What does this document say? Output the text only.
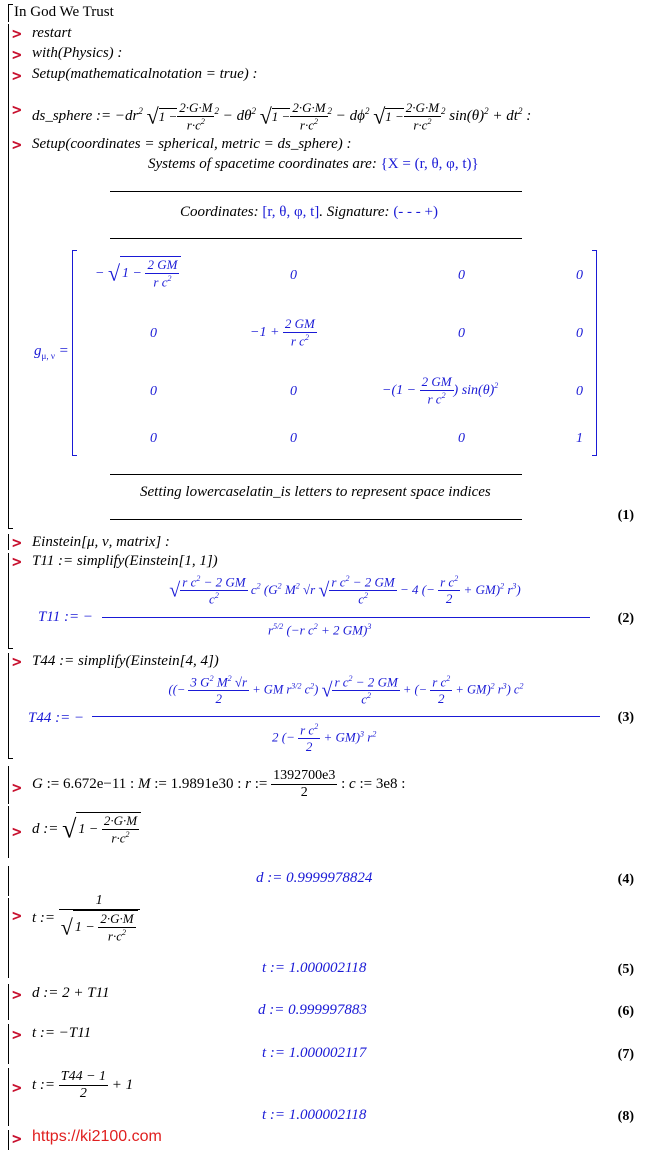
In God We Trust
> restart
> with(Physics) :
> Setup(mathematicalnotation = true) :
> ds_sphere := $-dr^2$ $√1 - \frac{2\cdot G\cdot M}{r\cdot c^2} ^2 - d\theta^2$ $√1 - \frac{2\cdot G\cdot M}{r\cdot c^2} ^2 - d\phi^2$ $√1 - \frac{2\cdot G\cdot M}{r\cdot c^2} ^2$ $\sin(\theta)^2 + dt^2$ :
> Setup(coordinates = spherical, metric = ds_sphere) :
Systems of spacetime coordinates are: {X = (r, θ, φ, t)}
Coordinates: [r, θ, φ, t]. Signature: (- - - +)
$g_{\mu, \nu}$ =
− √ $1 - \frac{2 GM}{r c^2}$	0	0	0
0	$-1 + \frac{2 GM}{r c^2}$	0	0
0	0	$-(1 - \frac{2 GM}{r c^2}$ ) $\sin(\theta)^2$	0
0	0	0	1
Setting lowercaselatin_is letters to represent space indices
(1)
> Einstein[μ, ν, matrix] :
> T11 := simplify(Einstein[1, 1])
T11 := −
√ $\frac{r c^2 - 2 GM}{c^2} c^2$ ($G^2$ $M^2$ √r √ $\frac{r c^2 - 2 GM}{c^2} - 4$ (− $\frac{r c^2}{2} + GM)^2$ $r^3$)
$r^{5/2}$ (−r $c^2 + 2$ GM)$^3$
(2)
> T44 := simplify(Einstein[4, 4])
T44 := −
((− $\frac{3 G^2 M^2 √r}{2}$ + GM $r^{3/2}$ $c^2$) √ $\frac{r c^2 - 2 GM}{c^2}$ + (− $\frac{r c^2}{2} + GM)^2$ $r^3$) $c^2$
2 (− $\frac{r c^2}{2} + GM)^3$ $r^2$
(3)
> G := 6.672e−11 : M := 1.9891e30 : r := $\frac{1392700e3}{2}$ : c := 3e8 :
> d := √ $1 - \frac{2\cdot G\cdot M}{r\cdot c^2}$
d := 0.9999978824	(4)
> t := $\frac{1}{√ 1 - \frac{2\cdot G\cdot M}{r\cdot c^2}}$
t := 1.000002118	(5)
> d := 2 + T11
d := 0.999997883	(6)
> t := −T11
t := 1.000002117	(7)
> t := $\frac{T44 - 1}{2} + 1$
t := 1.000002118	(8)
> https://ki2100.com
